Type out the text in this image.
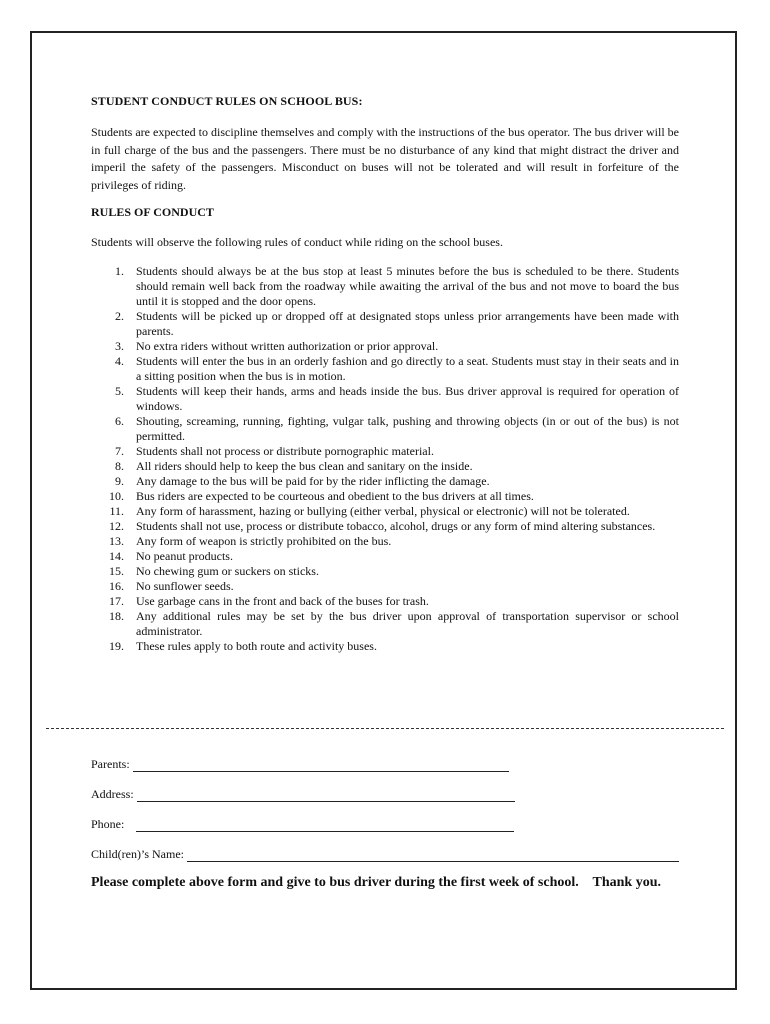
STUDENT CONDUCT RULES ON SCHOOL BUS:
Students are expected to discipline themselves and comply with the instructions of the bus operator. The bus driver will be in full charge of the bus and the passengers. There must be no disturbance of any kind that might distract the driver and imperil the safety of the passengers. Misconduct on buses will not be tolerated and will result in forfeiture of the privileges of riding.
RULES OF CONDUCT
Students will observe the following rules of conduct while riding on the school buses.
1. Students should always be at the bus stop at least 5 minutes before the bus is scheduled to be there. Students should remain well back from the roadway while awaiting the arrival of the bus and not move to board the bus until it is stopped and the door opens.
2. Students will be picked up or dropped off at designated stops unless prior arrangements have been made with parents.
3. No extra riders without written authorization or prior approval.
4. Students will enter the bus in an orderly fashion and go directly to a seat. Students must stay in their seats and in a sitting position when the bus is in motion.
5. Students will keep their hands, arms and heads inside the bus. Bus driver approval is required for operation of windows.
6. Shouting, screaming, running, fighting, vulgar talk, pushing and throwing objects (in or out of the bus) is not permitted.
7. Students shall not process or distribute pornographic material.
8. All riders should help to keep the bus clean and sanitary on the inside.
9. Any damage to the bus will be paid for by the rider inflicting the damage.
10. Bus riders are expected to be courteous and obedient to the bus drivers at all times.
11. Any form of harassment, hazing or bullying (either verbal, physical or electronic) will not be tolerated.
12. Students shall not use, process or distribute tobacco, alcohol, drugs or any form of mind altering substances.
13. Any form of weapon is strictly prohibited on the bus.
14. No peanut products.
15. No chewing gum or suckers on sticks.
16. No sunflower seeds.
17. Use garbage cans in the front and back of the buses for trash.
18. Any additional rules may be set by the bus driver upon approval of transportation supervisor or school administrator.
19. These rules apply to both route and activity buses.
Parents:
Address:
Phone:
Child(ren)’s Name:
Please complete above form and give to bus driver during the first week of school.    Thank you.
